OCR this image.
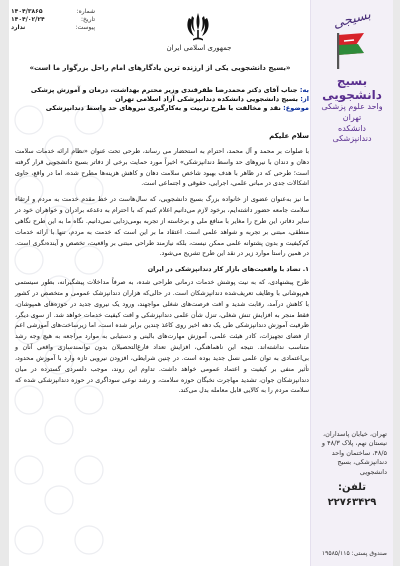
شماره:
۱۴۰۴/۳۸۶۵
تاریخ:
۱۴۰۴/۰۲/۲۴
پیوست:
ندارد
جمهوری اسلامی ایران
«بسیج دانشجویی یکی از ارزنده ترین یادگارهای امام راحل بزرگوار ما است»
به: جناب آقای دکتر محمدرضا ظفرقندی وزیر محترم بهداشت، درمان و آموزش پزشکی
از: بسیج دانشجویی دانشکده دندانپزشکی آزاد اسلامی تهران
موضوع: نقد و مخالفت با طرح تربیت و به‌کارگیری نیروهای حد واسط دندانپزشکی
سلام علیکم

با صلوات بر محمد و آل محمد، احترام به استحضار می رساند، طرحی تحت عنوان «نظام ارائه خدمات سلامت دهان و دندان با نیروهای حد واسط دندانپزشکی» اخیراً مورد حمایت برخی از دفاتر بسیج دانشجویی قرار گرفته است؛ طرحی که در ظاهر با هدف بهبود شاخص سلامت دهان و کاهش هزینه‌ها مطرح شده، اما در واقع، حاوی اشکالات جدی در مبانی علمی، اجرایی، حقوقی و اجتماعی است.

ما نیز به‌عنوان عضوی از خانواده بزرگ بسیج دانشجویی، که سال‌هاست در خط مقدم خدمت به مردم و ارتقاء سلامت جامعه حضور داشته‌ایم، برخود لازم می‌دانیم اعلام کنیم که با احترام به دغدغه برادران و خواهران خود در سایر دفاتر، این طرح را مغایر با منافع ملی و برخاسته از تجربه بومی‌زدایی نمی‌دانیم. نگاه ما به این طرح نگاهی منطقی، مبتنی بر تجربه و شواهد علمی است. اعتقاد ما بر این است که خدمت به مردم، تنها با ارائه خدمات کم‌کیفیت و بدون پشتوانه علمی ممکن نیست، بلکه نیازمند طراحی مبتنی بر واقعیت، تخصص و آینده‌نگری است. در همین راستا موارد زیر در نقد این طرح تشریح می‌شود.

۱. تضاد با واقعیت‌های بازار کار دندانپزشکی در ایران

طرح پیشنهادی، که به نیت پوشش خدمات درمانی طراحی شده، به صرفاً مداخلات پیشگیرانه، بطور سیستمی هم‌پوشانی با وظایف تعریف‌شده دندانپزشکان است. در حالی‌که هزاران دندانپزشک عمومی و متخصص در کشور با کاهش درآمد، رقابت شدید و افت فرصت‌های شغلی مواجهند، ورود یک نیروی جدید در حوزه‌های همپوشان، فقط منجر به افزایش تنش شغلی، تنزل شأن علمی دندانپزشکی و افت کیفیت خدمات خواهد شد. از سوی دیگر، ظرفیت آموزش دندانپزشکی طی یک دهه اخیر روی کاغذ چندین برابر شده است، اما زیرساخت‌های آموزشی اعم از فضای تجهیزات، کادر هیئت علمی، آموزش مهارت‌های بالینی و دستیابی به موارد مراجعه به هیچ وجه رشد متناسب نداشته‌اند. نتیجه این ناهماهنگی، افزایش تعداد فارغ‌التحصیلان بدون توانمندسازی واقعی آنان و بی‌اعتمادی به توان علمی نسل جدید بوده است. در چنین شرایطی، افزودن نیرویی تازه وارد با آموزش محدود، تأثیر منفی بر کیفیت و اعتماد عمومی خواهد داشت. تداوم این روند، موجب دلسردی گسترده در میان دندانپزشکان جوان، تشدید مهاجرت نخبگان حوزه سلامت، و رشد نوعی سوداگری در حوزه دندانپزشکی شده که سلامت مردم را به کالایی قابل معامله بدل می‌کند.

بسیجی
بسیج دانشجویی
واحد علوم پزشکی
تهران
دانشکده دندانپزشکی
تهران، خیابان پاسداران، نیستان نهم، پلاک ۴۸/۳ و ۴۸/۵، ساختمان واحد دندانپزشکی، بسیج دانشجویی
تلفن: ۲۲۷۶۳۴۲۹
صندوق پستی: ۱۹۵۸۵/۱۱۵
